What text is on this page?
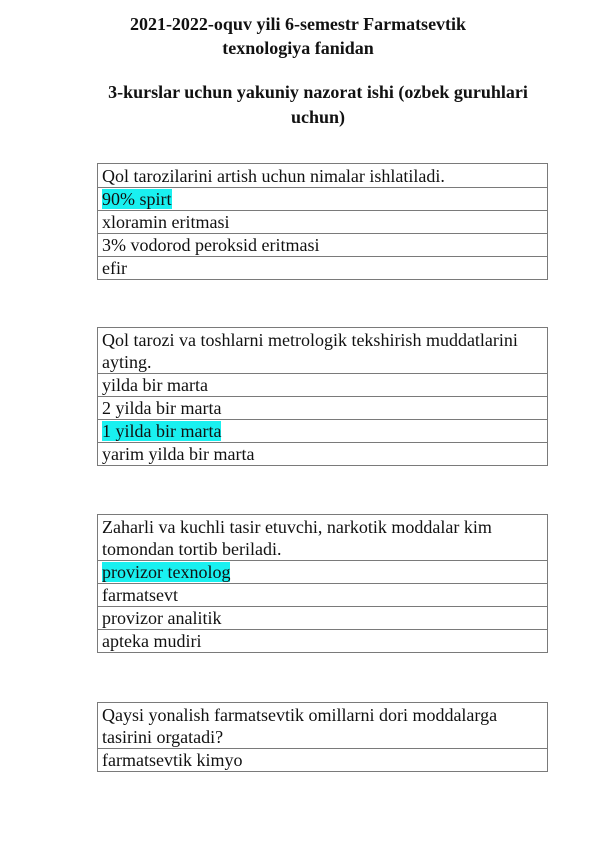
2021-2022-oquv yili 6-semestr Farmatsevtik
texnologiya fanidan
3-kurslar uchun yakuniy nazorat ishi (ozbek guruhlari uchun)
Qol tarozilarini artish uchun nimalar ishlatiladi.
90% spirt
xloramin eritmasi
3% vodorod peroksid eritmasi
efir
Qol tarozi va toshlarni metrologik tekshirish muddatlarini ayting.
yilda bir marta
2 yilda bir marta
1 yilda bir marta
yarim yilda bir marta
Zaharli va kuchli tasir etuvchi, narkotik moddalar kim tomondan tortib beriladi.
provizor texnolog
farmatsevt
provizor analitik
apteka mudiri
Qaysi yonalish farmatsevtik omillarni dori moddalarga tasirini orgatadi?
farmatsevtik kimyo
